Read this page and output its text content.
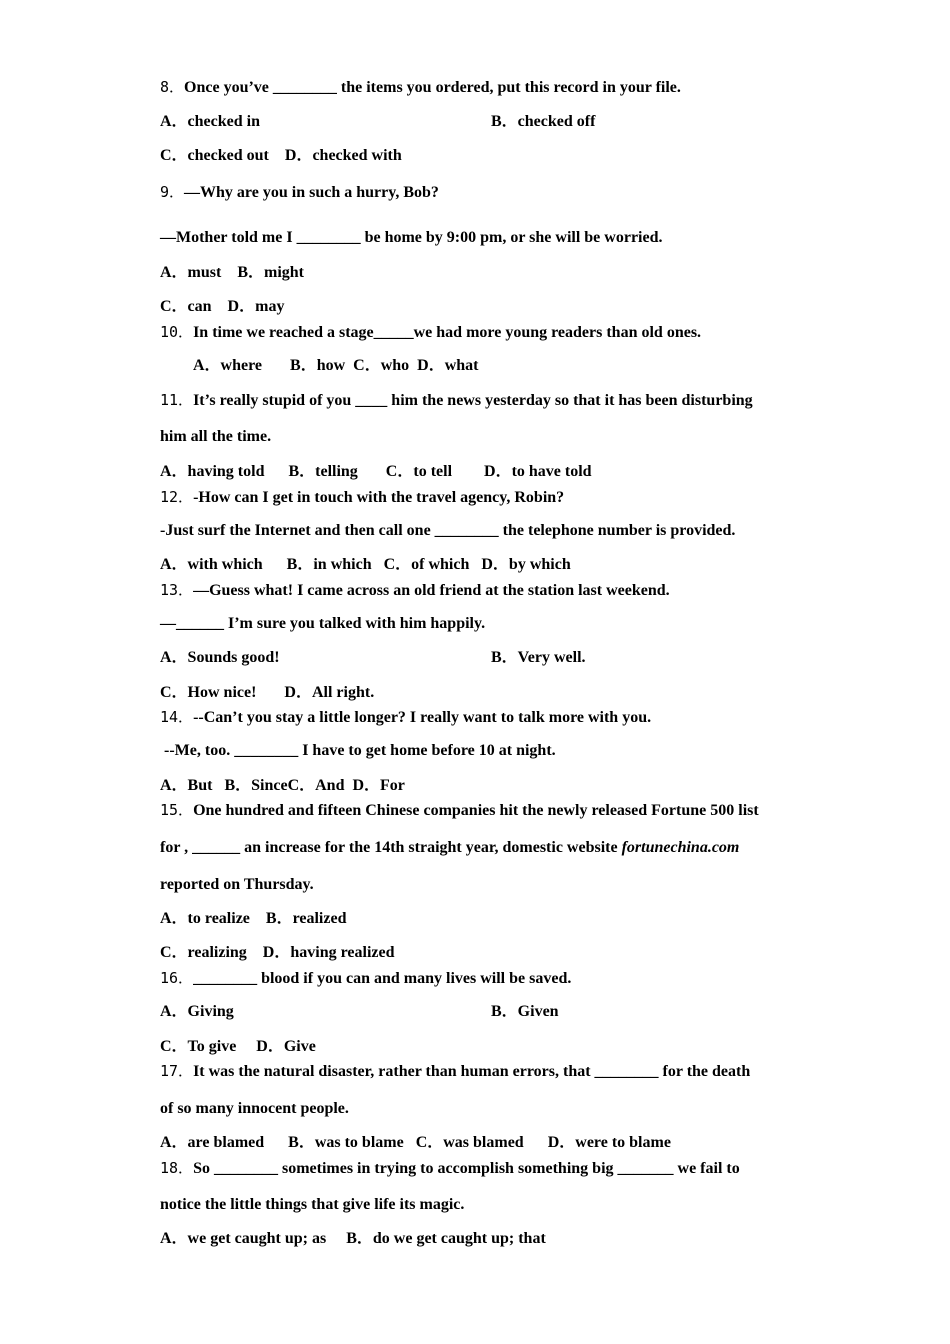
8．Once you’ve ________ the items you ordered, put this record in your file.
A．checked in	B．checked off
C．checked out    D．checked with
9．—Why are you in such a hurry, Bob?
—Mother told me I ________ be home by 9:00 pm, or she will be worried.
A．must    B．might
C．can    D．may
10．In time we reached a stage_____we had more young readers than old ones.
A．where       B．how  C．who  D．what
11．It’s really stupid of you ____ him the news yesterday so that it has been disturbing
him all the time.
A．having told      B．telling       C．to tell        D．to have told
12．-How can I get in touch with the travel agency, Robin?
-Just surf the Internet and then call one ________ the telephone number is provided.
A．with which      B．in which   C．of which   D．by which
13．—Guess what! I came across an old friend at the station last weekend.
—______ I’m sure you talked with him happily.
A．Sounds good!	B．Very well.
C．How nice!       D．All right.
14．--Can’t you stay a little longer? I really want to talk more with you.
--Me, too. ________ I have to get home before 10 at night.
A．But   B．SinceC．And  D．For
15．One hundred and fifteen Chinese companies hit the newly released Fortune 500 list
for , ______ an increase for the 14th straight year, domestic website fortunechina.com
reported on Thursday.
A．to realize    B．realized
C．realizing    D．having realized
16．________ blood if you can and many lives will be saved.
A．Giving	B．Given
C．To give     D．Give
17．It was the natural disaster, rather than human errors, that ________ for the death
of so many innocent people.
A．are blamed      B．was to blame   C．was blamed      D．were to blame
18．So ________ sometimes in trying to accomplish something big _______ we fail to
notice the little things that give life its magic.
A．we get caught up; as     B．do we get caught up; that
